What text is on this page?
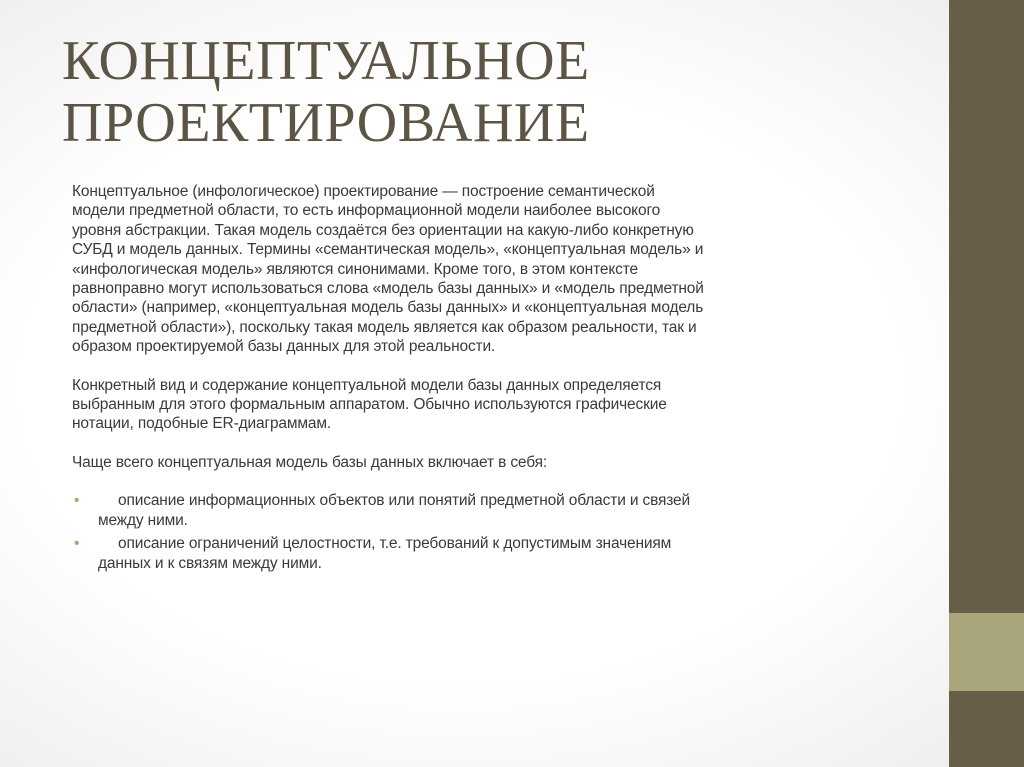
КОНЦЕПТУАЛЬНОЕ
ПРОЕКТИРОВАНИЕ
Концептуальное (инфологическое) проектирование — построение семантической
модели предметной области, то есть информационной модели наиболее высокого
уровня абстракции. Такая модель создаётся без ориентации на какую-либо конкретную
СУБД и модель данных. Термины «семантическая модель», «концептуальная модель» и
«инфологическая модель» являются синонимами. Кроме того, в этом контексте
равноправно могут использоваться слова «модель базы данных» и «модель предметной
области» (например, «концептуальная модель базы данных» и «концептуальная модель
предметной области»), поскольку такая модель является как образом реальности, так и
образом проектируемой базы данных для этой реальности.
Конкретный вид и содержание концептуальной модели базы данных определяется
выбранным для этого формальным аппаратом. Обычно используются графические
нотации, подобные ER-диаграммам.
Чаще всего концептуальная модель базы данных включает в себя:
•	описание информационных объектов или понятий предметной области и связей
между ними.
•	описание ограничений целостности, т.е. требований к допустимым значениям
данных и к связям между ними.
